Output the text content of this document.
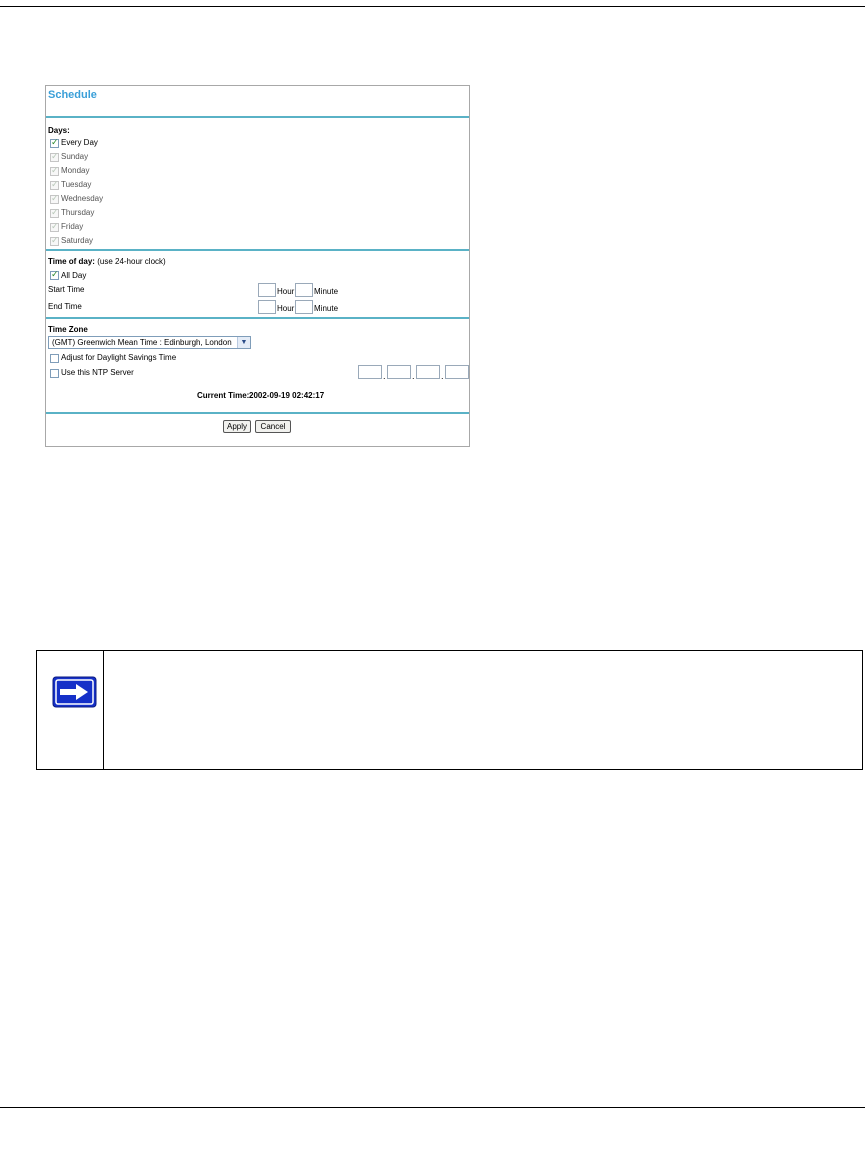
Schedule
Days:
✓ Every Day
✓ Sunday
✓ Monday
✓ Tuesday
✓ Wednesday
✓ Thursday
✓ Friday
✓ Saturday
Time of day: (use 24-hour clock)
✓ All Day
Start Time	Hour Minute
End Time	Hour Minute
Time Zone
(GMT) Greenwich Mean Time : Edinburgh, London	▼
Adjust for Daylight Savings Time
Use this NTP Server	.	.	.
Current Time: 2002-09-19 02:42:17
Apply	Cancel
